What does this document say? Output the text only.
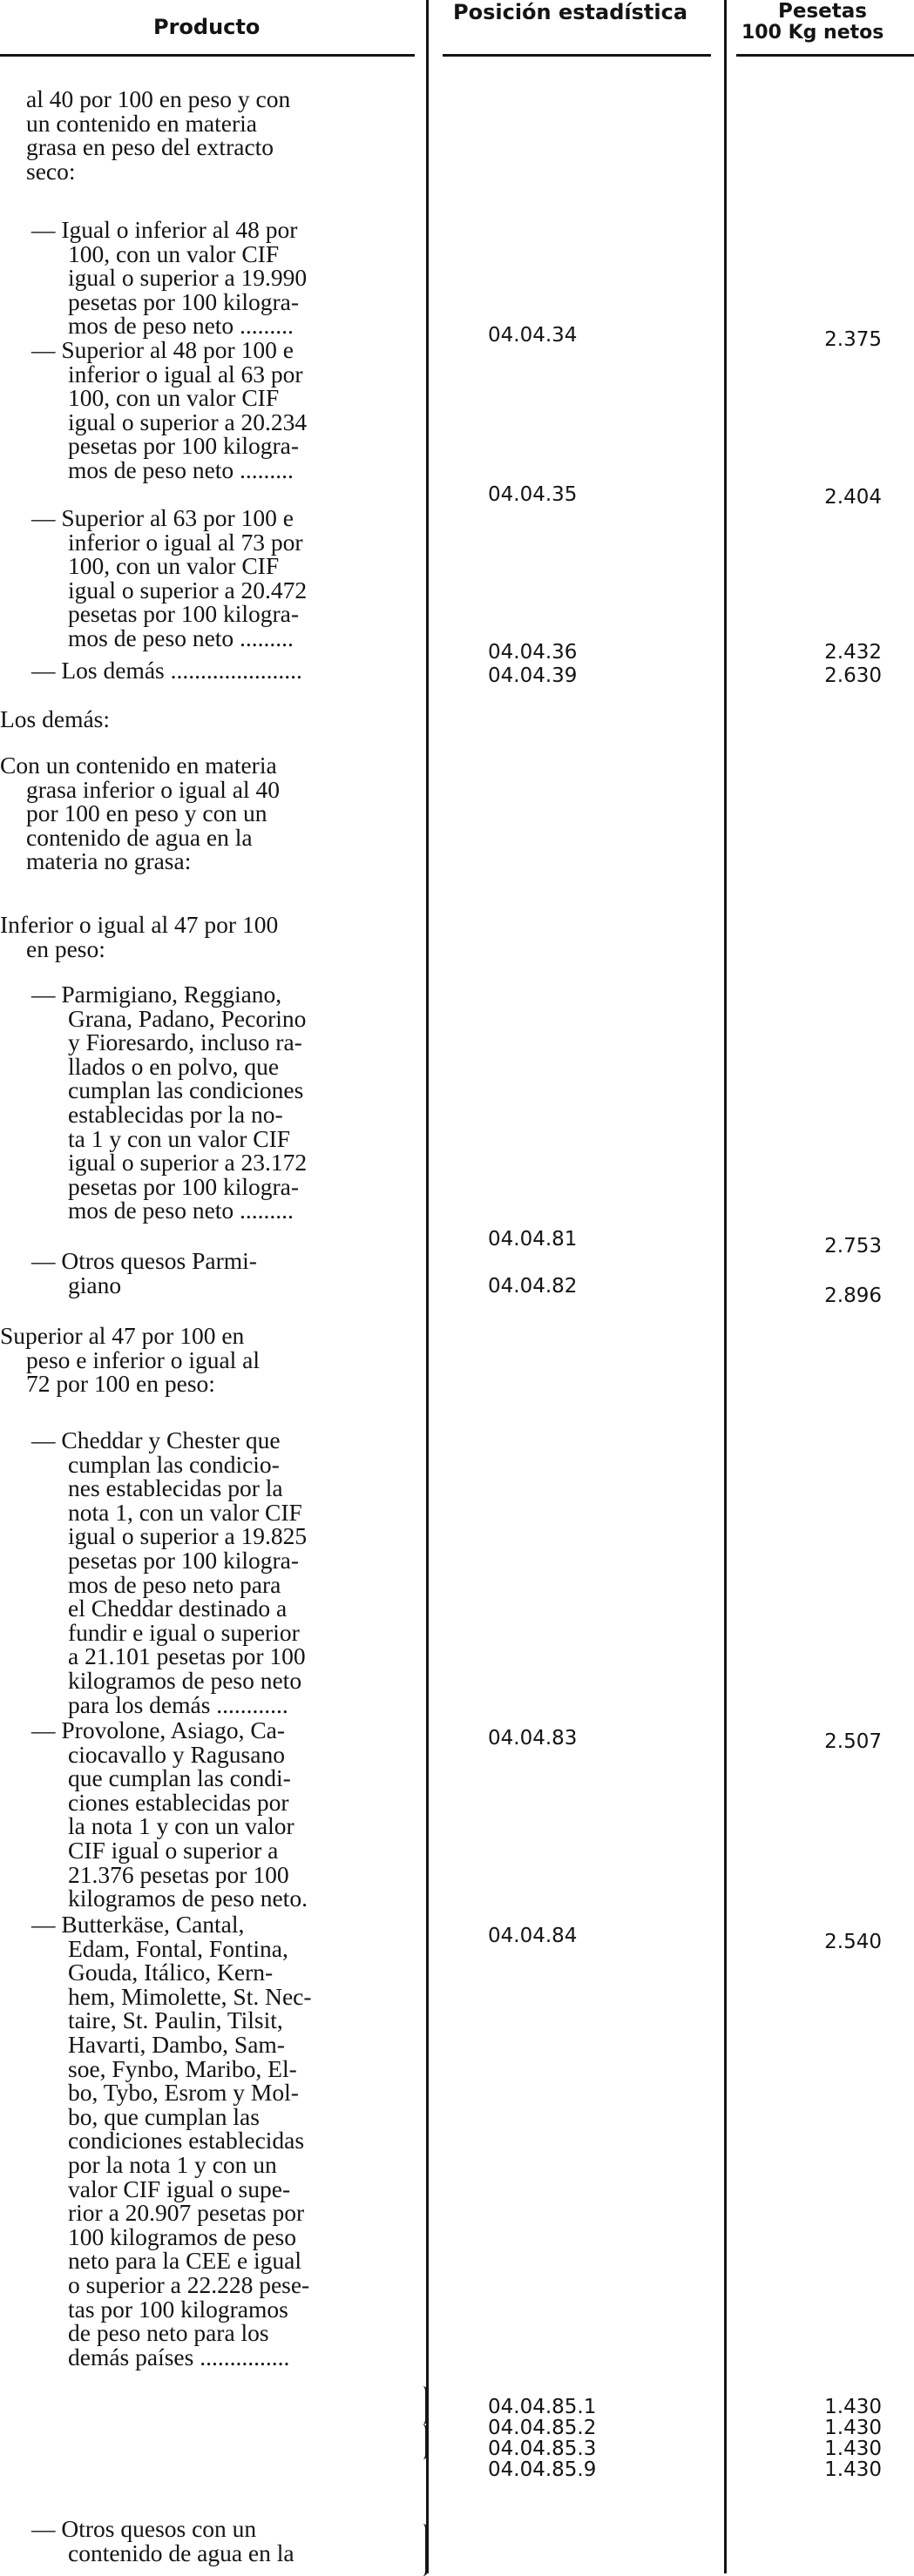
Producto
Posición estadística	Pesetas
100 Kg netos
al 40 por 100 en peso y con
un contenido en materia
grasa en peso del extracto
seco:
— Igual o inferior al 48 por
100, con un valor CIF
igual o superior a 19.990
pesetas por 100 kilogra-
mos de peso neto .........
— Superior al 48 por 100 e
inferior o igual al 63 por
100, con un valor CIF
igual o superior a 20.234
pesetas por 100 kilogra-
mos de peso neto .........
— Superior al 63 por 100 e
inferior o igual al 73 por
100, con un valor CIF
igual o superior a 20.472
pesetas por 100 kilogra-
mos de peso neto .........
— Los demás ......................
Los demás:
Con un contenido en materia
grasa inferior o igual al 40
por 100 en peso y con un
contenido de agua en la
materia no grasa:
Inferior o igual al 47 por 100
en peso:
— Parmigiano, Reggiano,
Grana, Padano, Pecorino
y Fioresardo, incluso ra-
llados o en polvo, que
cumplan las condiciones
establecidas por la no-
ta 1 y con un valor CIF
igual o superior a 23.172
pesetas por 100 kilogra-
mos de peso neto .........
— Otros quesos Parmi-
giano
Superior al 47 por 100 en
peso e inferior o igual al
72 por 100 en peso:
— Cheddar y Chester que
cumplan las condicio-
nes establecidas por la
nota 1, con un valor CIF
igual o superior a 19.825
pesetas por 100 kilogra-
mos de peso neto para
el Cheddar destinado a
fundir e igual o superior
a 21.101 pesetas por 100
kilogramos de peso neto
para los demás ............
— Provolone, Asiago, Ca-
ciocavallo y Ragusano
que cumplan las condi-
ciones establecidas por
la nota 1 y con un valor
CIF igual o superior a
21.376 pesetas por 100
kilogramos de peso neto.
— Butterkäse, Cantal,
Edam, Fontal, Fontina,
Gouda, Itálico, Kern-
hem, Mimolette, St. Nec-
taire, St. Paulin, Tilsit,
Havarti, Dambo, Sam-
soe, Fynbo, Maribo, El-
bo, Tybo, Esrom y Mol-
bo, que cumplan las
condiciones establecidas
por la nota 1 y con un
valor CIF igual o supe-
rior a 20.907 pesetas por
100 kilogramos de peso
neto para la CEE e igual
o superior a 22.228 pese-
tas por 100 kilogramos
de peso neto para los
demás países ...............
— Otros quesos con un
contenido de agua en la
04.04.34
04.04.35
04.04.36
04.04.39
04.04.81
04.04.82
04.04.83
04.04.84
04.04.85.1
04.04.85.2
04.04.85.3
04.04.85.9
2.375
2.404
2.432
2.630
2.753
2.896
2.507
2.540
1.430
1.430
1.430
1.430
